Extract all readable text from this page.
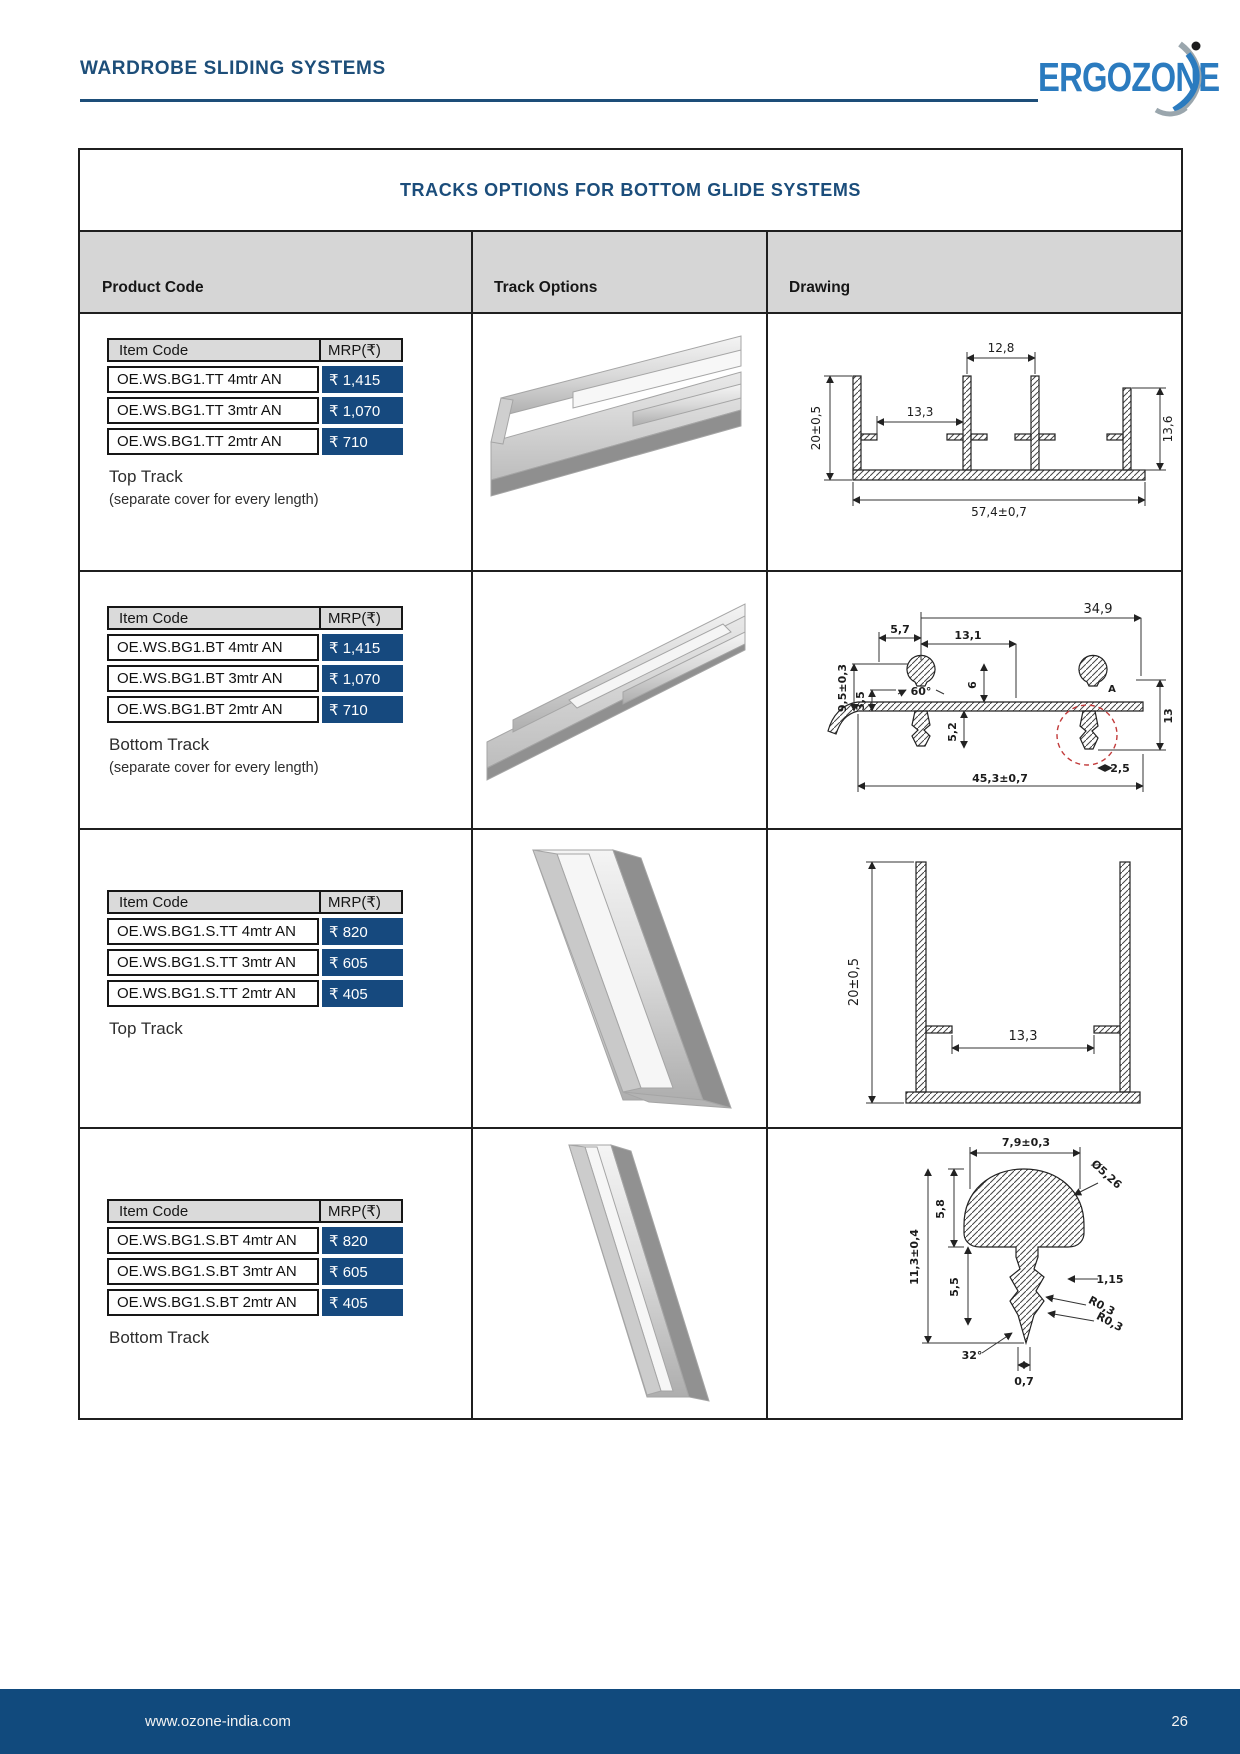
WARDROBE SLIDING SYSTEMS	ERGOZONE
TRACKS OPTIONS FOR BOTTOM GLIDE SYSTEMS
Product Code	Track Options	Drawing
Item Code	MRP(₹)
OE.WS.BG1.TT 4mtr AN	₹ 1,415
OE.WS.BG1.TT 3mtr AN	₹ 1,070
OE.WS.BG1.TT 2mtr AN	₹ 710
Top Track
(separate cover for every length)
12,8
13,3
20±0,5	13,6
57,4±0,7
Item Code	MRP(₹)
OE.WS.BG1.BT 4mtr AN	₹ 1,415
OE.WS.BG1.BT 3mtr AN	₹ 1,070
OE.WS.BG1.BT 2mtr AN	₹ 710
Bottom Track
(separate cover for every length)
5,7
34,9
13,1
9,5±0,3 3,5	60°	6
5,2
13
2,5
45,3±0,7
A
Item Code	MRP(₹)
OE.WS.BG1.S.TT 4mtr AN	₹ 820
OE.WS.BG1.S.TT 3mtr AN	₹ 605
OE.WS.BG1.S.TT 2mtr AN	₹ 405
Top Track
20±0,5
13,3
Item Code	MRP(₹)
OE.WS.BG1.S.BT 4mtr AN	₹ 820
OE.WS.BG1.S.BT 3mtr AN	₹ 605
OE.WS.BG1.S.BT 2mtr AN	₹ 405
Bottom Track
7,9±0,3
Ø5,26
5,8
11,3±0,4
5,5	1,15
R0,3
R0,3
32°
0,7
www.ozone-india.com	26
